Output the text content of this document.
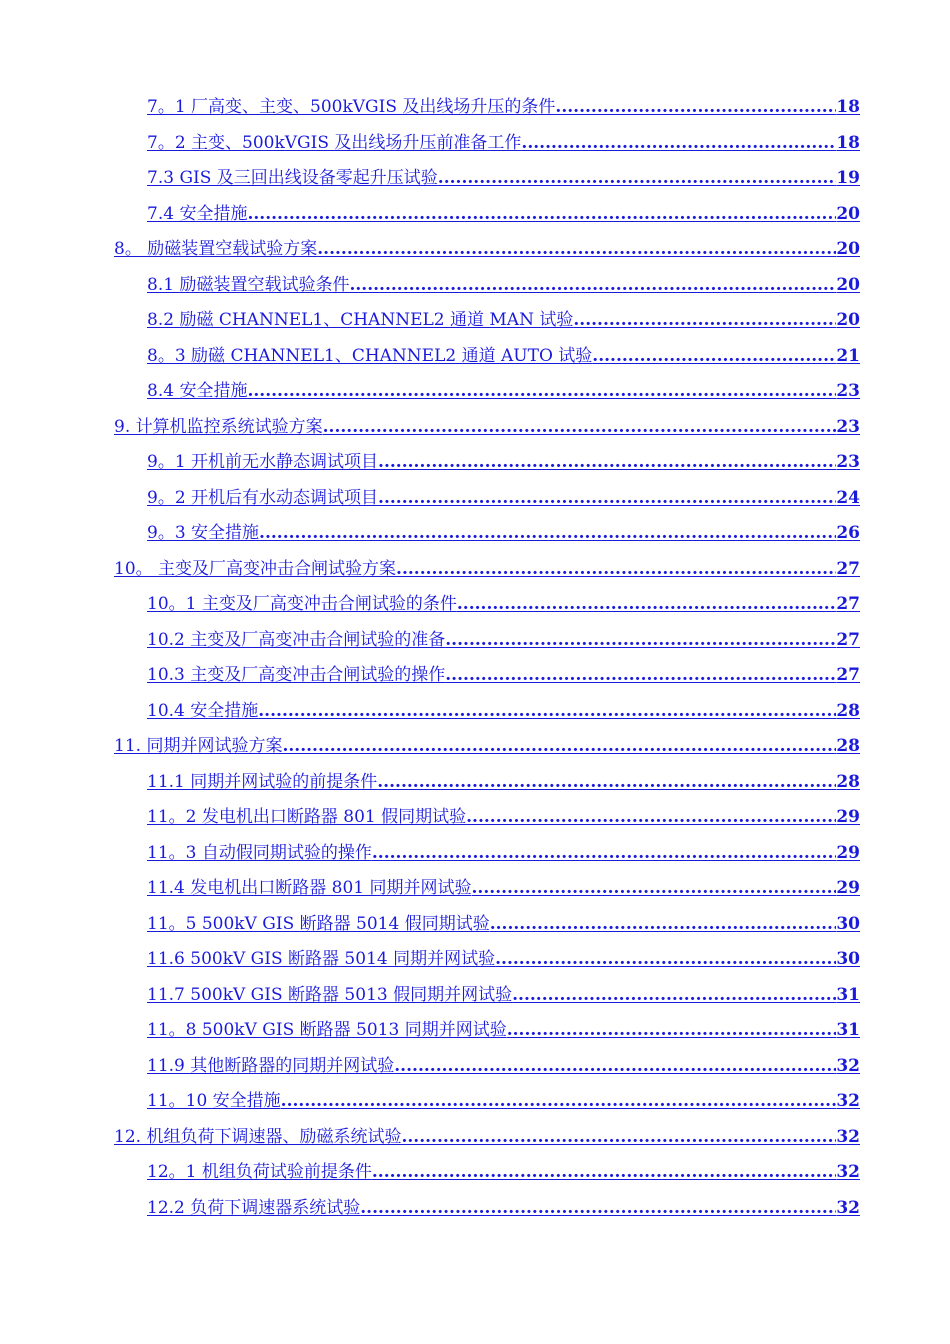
7。1 厂高变、主变、500kVGIS 及出线场升压的条件 .....	18
7。2 主变、500kVGIS 及出线场升压前准备工作 .....	18
7.3 GIS 及三回出线设备零起升压试验 .....	19
7.4 安全措施 .....	20
8。 励磁装置空载试验方案 .....	20
8.1 励磁装置空载试验条件 .....	20
8.2 励磁 CHANNEL1、CHANNEL2 通道 MAN 试验 .....	20
8。3 励磁 CHANNEL1、CHANNEL2 通道 AUTO 试验 .....	21
8.4 安全措施 .....	23
9. 计算机监控系统试验方案 .....	23
9。1 开机前无水静态调试项目 .....	23
9。2 开机后有水动态调试项目 .....	24
9。3 安全措施 .....	26
10。 主变及厂高变冲击合闸试验方案 .....	27
10。1 主变及厂高变冲击合闸试验的条件 .....	27
10.2 主变及厂高变冲击合闸试验的准备 .....	27
10.3 主变及厂高变冲击合闸试验的操作 .....	27
10.4 安全措施 .....	28
11. 同期并网试验方案 .....	28
11.1 同期并网试验的前提条件 .....	28
11。2 发电机出口断路器 801 假同期试验 .....	29
11。3 自动假同期试验的操作 .....	29
11.4 发电机出口断路器 801 同期并网试验 .....	29
11。5 500kV GIS 断路器 5014 假同期试验 .....	30
11.6 500kV GIS 断路器 5014 同期并网试验 .....	30
11.7 500kV GIS 断路器 5013 假同期并网试验 .....	31
11。8 500kV GIS 断路器 5013 同期并网试验 .....	31
11.9 其他断路器的同期并网试验 .....	32
11。10 安全措施 .....	32
12. 机组负荷下调速器、励磁系统试验 .....	32
12。1 机组负荷试验前提条件 .....	32
12.2 负荷下调速器系统试验 .....	32
